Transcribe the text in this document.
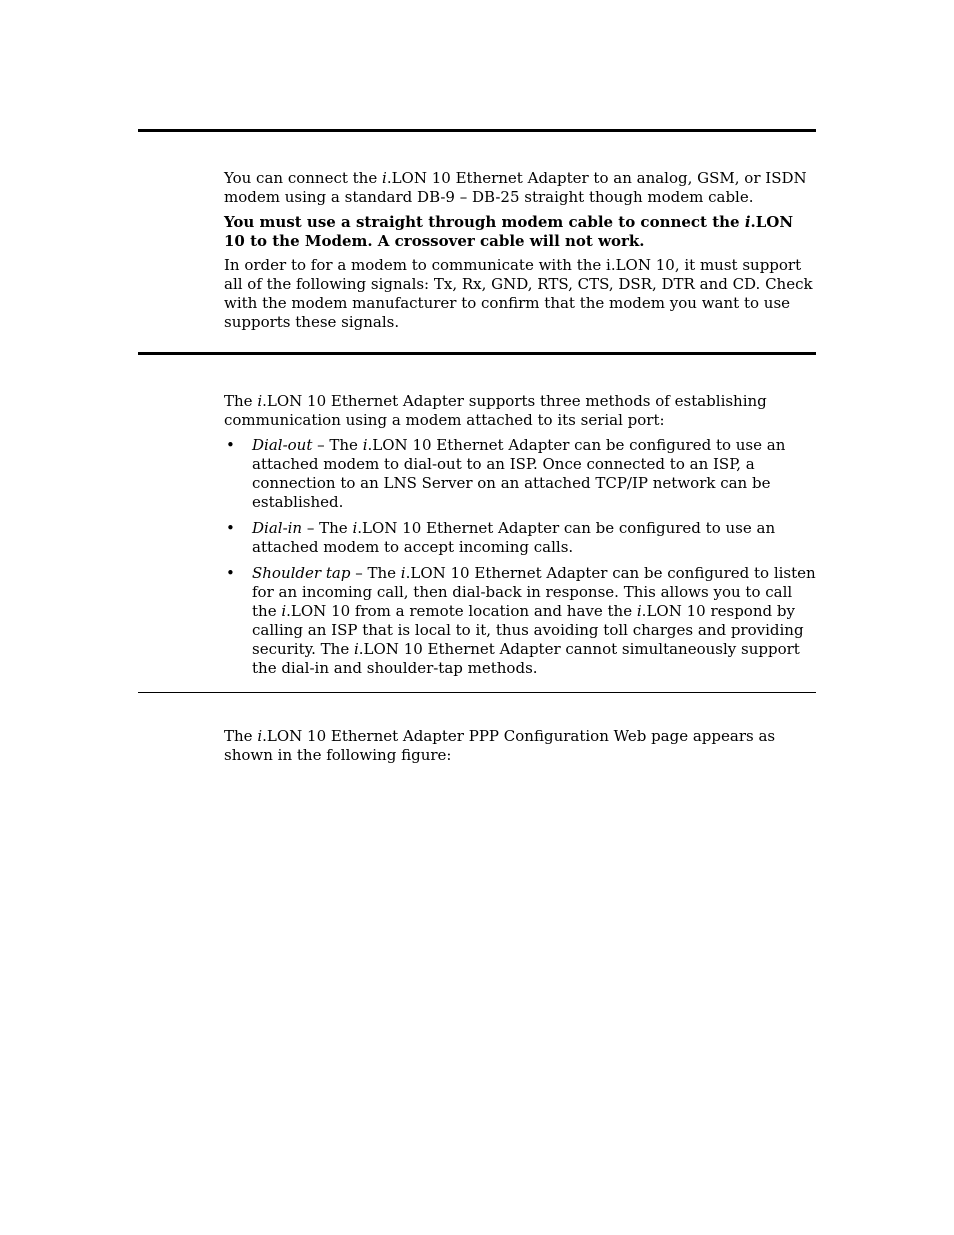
You can connect the i.LON 10 Ethernet Adapter to an analog, GSM, or ISDN modem using a standard DB-9 – DB-25 straight though modem cable.

You must use a straight through modem cable to connect the i.LON 10 to the Modem. A crossover cable will not work.

In order to for a modem to communicate with the i.LON 10, it must support all of the following signals: Tx, Rx, GND, RTS, CTS, DSR, DTR and CD. Check with the modem manufacturer to confirm that the modem you want to use supports these signals.

The i.LON 10 Ethernet Adapter supports three methods of establishing communication using a modem attached to its serial port:

• Dial-out – The i.LON 10 Ethernet Adapter can be configured to use an attached modem to dial-out to an ISP. Once connected to an ISP, a connection to an LNS Server on an attached TCP/IP network can be established.
• Dial-in – The i.LON 10 Ethernet Adapter can be configured to use an attached modem to accept incoming calls.
• Shoulder tap – The i.LON 10 Ethernet Adapter can be configured to listen for an incoming call, then dial-back in response. This allows you to call the i.LON 10 from a remote location and have the i.LON 10 respond by calling an ISP that is local to it, thus avoiding toll charges and providing security. The i.LON 10 Ethernet Adapter cannot simultaneously support the dial-in and shoulder-tap methods.

The i.LON 10 Ethernet Adapter PPP Configuration Web page appears as shown in the following figure:
